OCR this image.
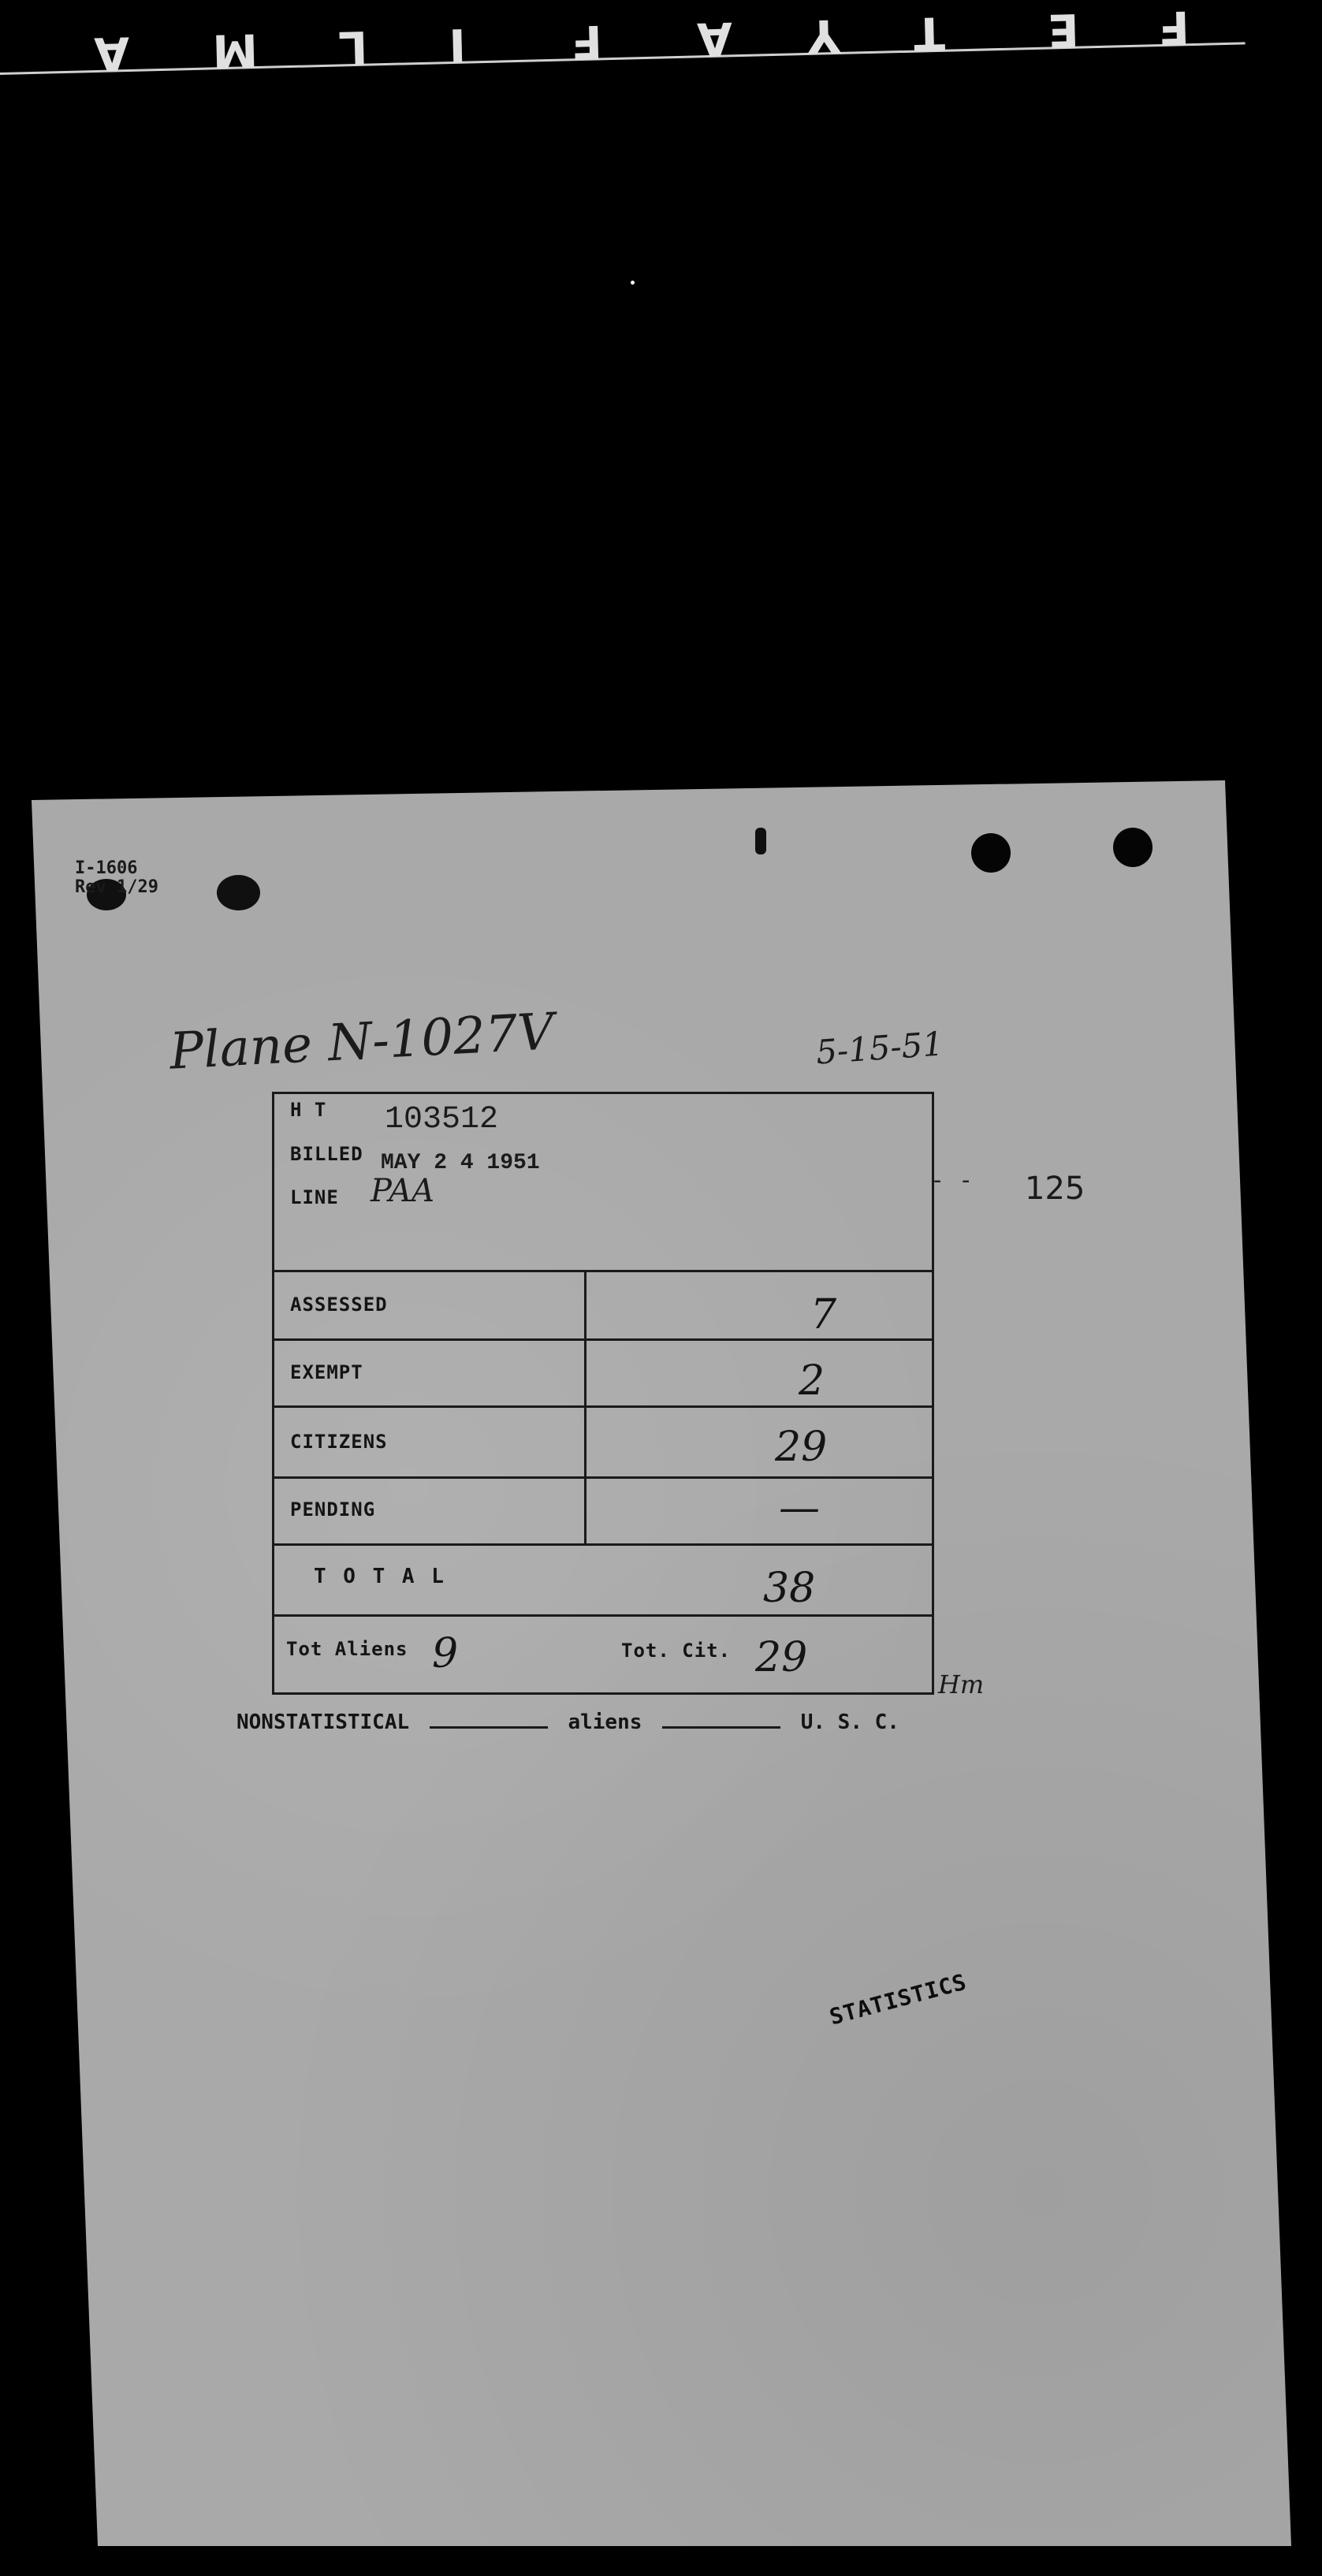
F
E
T
Y
A
F
I
L
M
A
I-1606
Rev 1/29
Plane N-1027V	5-15-51
- - 125
H T 103512
BILLED MAY 2 4 1951
LINE PAA
ASSESSED	7
EXEMPT	2
CITIZENS	29
PENDING	—
T O T A L	38
Tot Aliens 9	Tot. Cit. 29
Hm
NONSTATISTICAL	aliens	U. S. C.
STATISTICS
